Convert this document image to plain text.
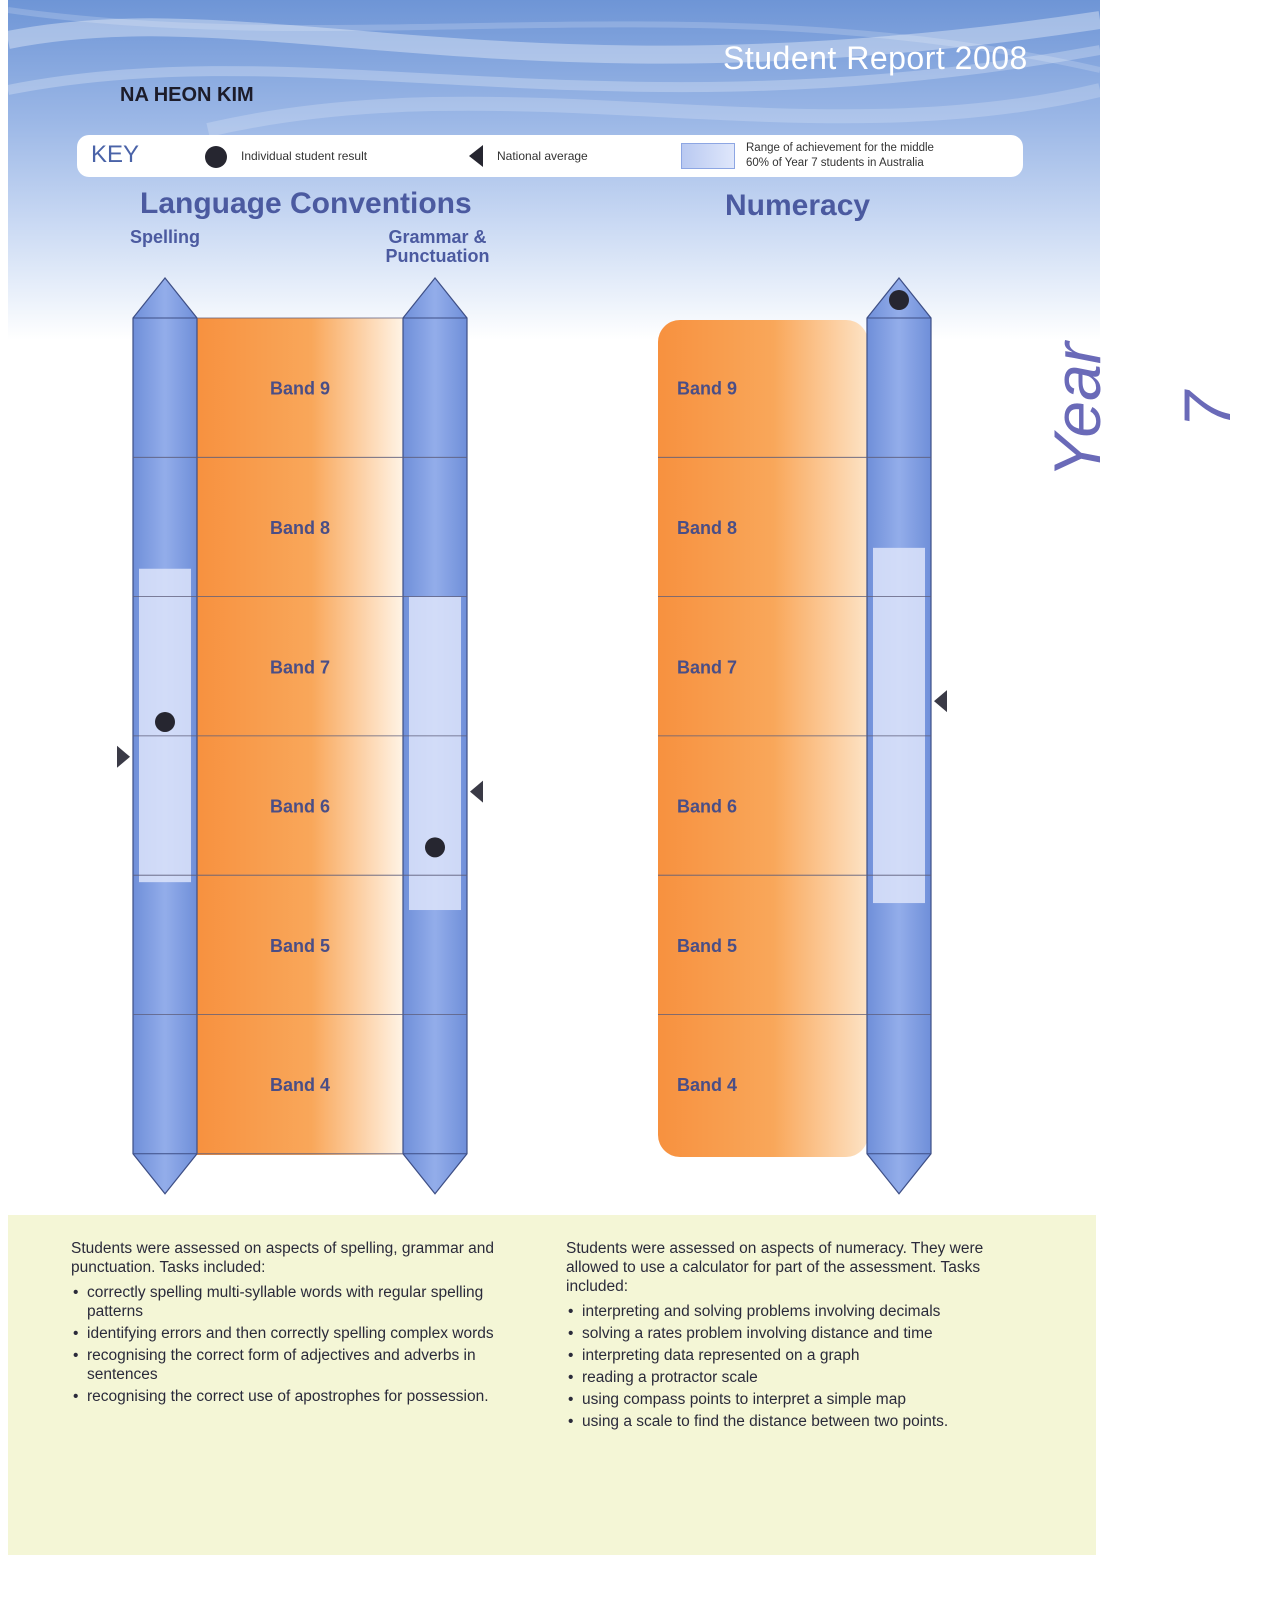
Student Report 2008
NA HEON KIM
Year 7
KEY	Individual student result	National average
Range of achievement for the middle
60% of Year 7 students in Australia
Language Conventions
Spelling	Grammar &
Punctuation
Numeracy
Band 9	Band 9
Band 8	Band 8
Band 7	Band 7
Band 6	Band 6
Band 5	Band 5
Band 4	Band 4

Students were assessed on aspects of spelling, grammar and punctuation. Tasks included:

• correctly spelling multi-syllable words with regular spelling patterns
• identifying errors and then correctly spelling complex words
• recognising the correct form of adjectives and adverbs in sentences
• recognising the correct use of apostrophes for possession.

Students were assessed on aspects of numeracy. They were allowed to use a calculator for part of the assessment. Tasks included:

• interpreting and solving problems involving decimals
• solving a rates problem involving distance and time
• interpreting data represented on a graph
• reading a protractor scale
• using compass points to interpret a simple map
• using a scale to find the distance between two points.
